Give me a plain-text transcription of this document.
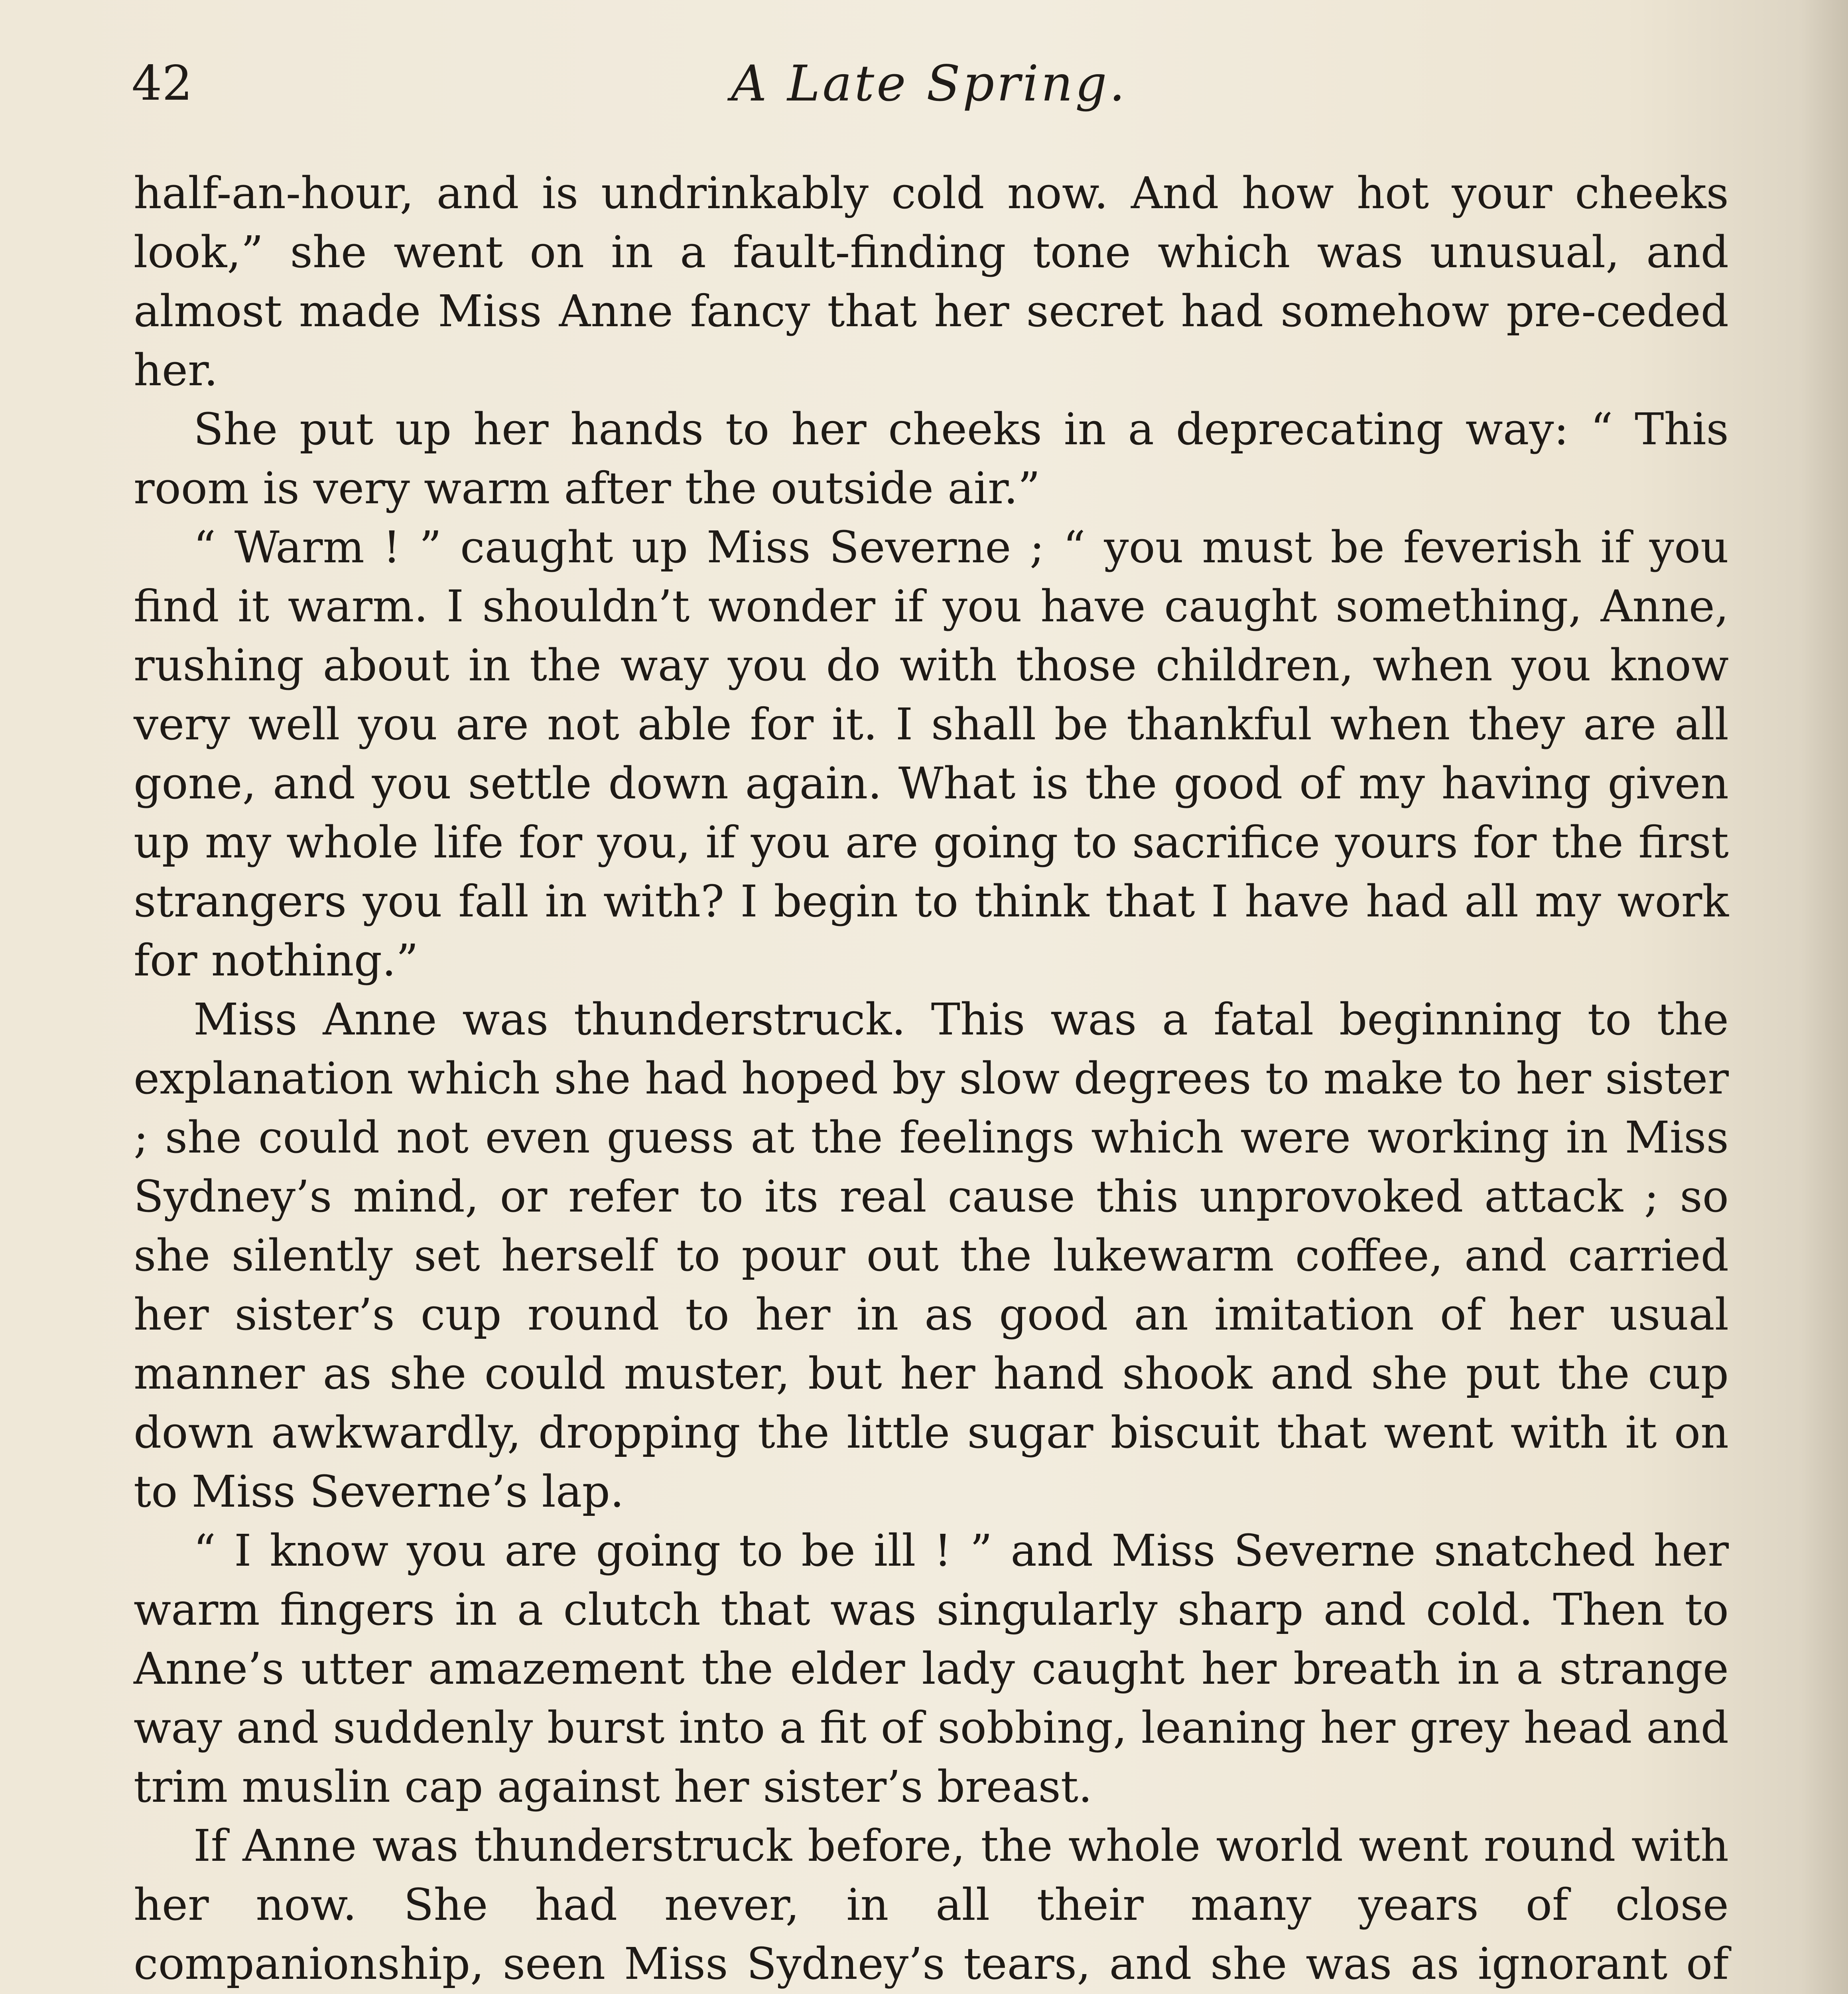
42	A Late Spring.

half-an-hour, and is undrinkably cold now. And how hot your cheeks look,” she went on in a fault-finding tone which was unusual, and almost made Miss Anne fancy that her secret had somehow pre-ceded her.

She put up her hands to her cheeks in a deprecating way: “ This room is very warm after the outside air.”

“ Warm ! ” caught up Miss Severne ; “ you must be feverish if you find it warm. I shouldn’t wonder if you have caught something, Anne, rushing about in the way you do with those children, when you know very well you are not able for it. I shall be thankful when they are all gone, and you settle down again. What is the good of my having given up my whole life for you, if you are going to sacrifice yours for the first strangers you fall in with? I begin to think that I have had all my work for nothing.”

Miss Anne was thunderstruck. This was a fatal beginning to the explanation which she had hoped by slow degrees to make to her sister ; she could not even guess at the feelings which were working in Miss Sydney’s mind, or refer to its real cause this unprovoked attack ; so she silently set herself to pour out the lukewarm coffee, and carried her sister’s cup round to her in as good an imitation of her usual manner as she could muster, but her hand shook and she put the cup down awkwardly, dropping the little sugar biscuit that went with it on to Miss Severne’s lap.

“ I know you are going to be ill ! ” and Miss Severne snatched her warm fingers in a clutch that was singularly sharp and cold. Then to Anne’s utter amazement the elder lady caught her breath in a strange way and suddenly burst into a fit of sobbing, leaning her grey head and trim muslin cap against her sister’s breast.

If Anne was thunderstruck before, the whole world went round with her now. She had never, in all their many years of close companionship, seen Miss Sydney’s tears, and she was as ignorant of
